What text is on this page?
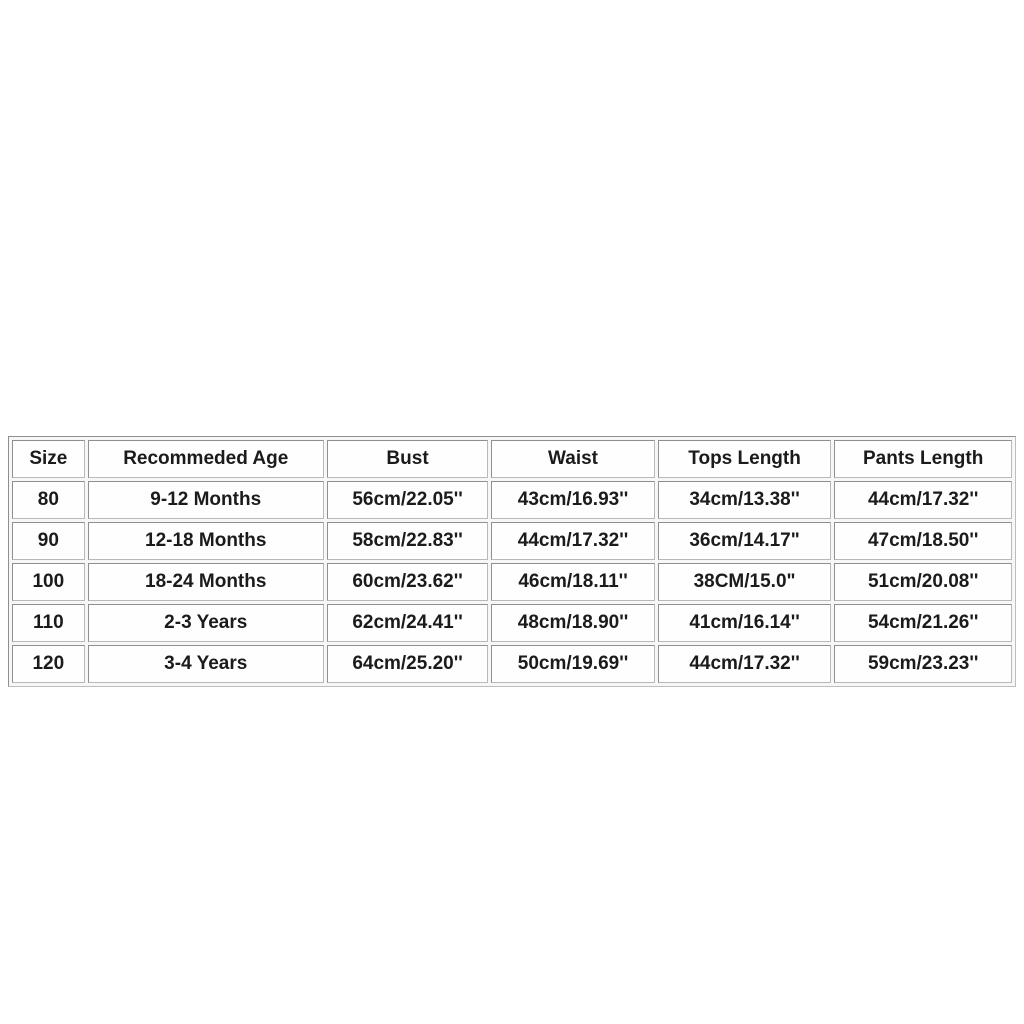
Size	Recommeded Age	Bust	Waist	Tops Length	Pants Length
80	9-12 Months	56cm/22.05''	43cm/16.93''	34cm/13.38''	44cm/17.32''
90	12-18 Months	58cm/22.83''	44cm/17.32''	36cm/14.17"	47cm/18.50''
100	18-24 Months	60cm/23.62''	46cm/18.11''	38CM/15.0"	51cm/20.08''
110	2-3 Years	62cm/24.41''	48cm/18.90''	41cm/16.14''	54cm/21.26''
120	3-4 Years	64cm/25.20''	50cm/19.69''	44cm/17.32''	59cm/23.23''
